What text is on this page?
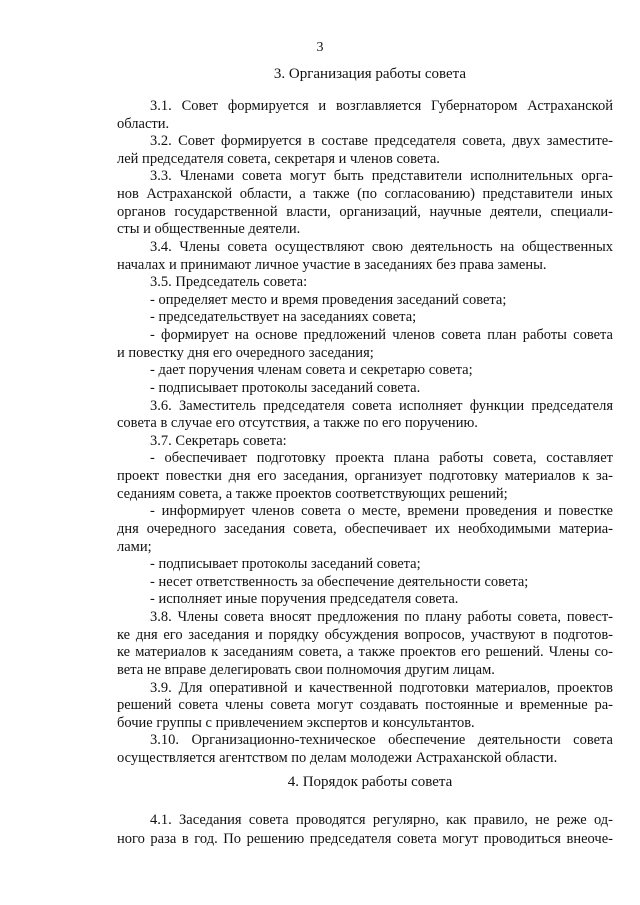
3
3. Организация работы совета
3.1. Совет формируется и возглавляется Губернатором Астраханской
области.
3.2. Совет формируется в составе председателя совета, двух заместите-
лей председателя совета, секретаря и членов совета.
3.3. Членами совета могут быть представители исполнительных орга-
нов Астраханской области, а также (по согласованию) представители иных
органов государственной власти, организаций, научные деятели, специали-
сты и общественные деятели.
3.4. Члены совета осуществляют свою деятельность на общественных
началах и принимают личное участие в заседаниях без права замены.
3.5. Председатель совета:
- определяет место и время проведения заседаний совета;
- председательствует на заседаниях совета;
- формирует на основе предложений членов совета план работы совета
и повестку дня его очередного заседания;
- дает поручения членам совета и секретарю совета;
- подписывает протоколы заседаний совета.
3.6. Заместитель председателя совета исполняет функции председателя
совета в случае его отсутствия, а также по его поручению.
3.7. Секретарь совета:
- обеспечивает подготовку проекта плана работы совета, составляет
проект повестки дня его заседания, организует подготовку материалов к за-
седаниям совета, а также проектов соответствующих решений;
- информирует членов совета о месте, времени проведения и повестке
дня очередного заседания совета, обеспечивает их необходимыми материа-
лами;
- подписывает протоколы заседаний совета;
- несет ответственность за обеспечение деятельности совета;
- исполняет иные поручения председателя совета.
3.8. Члены совета вносят предложения по плану работы совета, повест-
ке дня его заседания и порядку обсуждения вопросов, участвуют в подготов-
ке материалов к заседаниям совета, а также проектов его решений. Члены со-
вета не вправе делегировать свои полномочия другим лицам.
3.9. Для оперативной и качественной подготовки материалов, проектов
решений совета члены совета могут создавать постоянные и временные ра-
бочие группы с привлечением экспертов и консультантов.
3.10. Организационно-техническое обеспечение деятельности совета
осуществляется агентством по делам молодежи Астраханской области.
4. Порядок работы совета
4.1. Заседания совета проводятся регулярно, как правило, не реже од-
ного раза в год. По решению председателя совета могут проводиться внеоче-
